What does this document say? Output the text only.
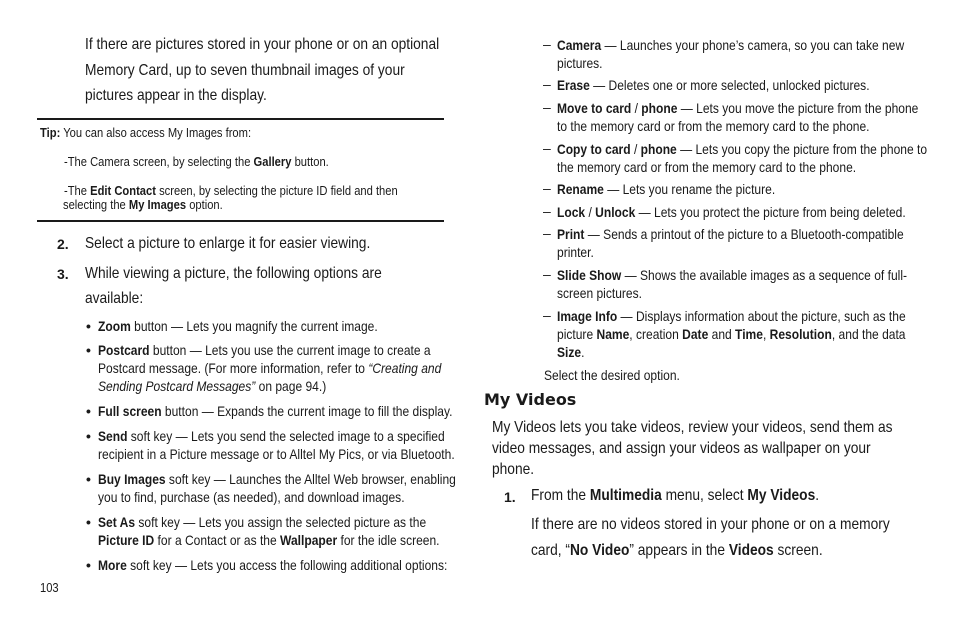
If there are pictures stored in your phone or on an optional

Memory Card, up to seven thumbnail images of your

pictures appear in the display.

Tip: You can also access My Images from:
-The Camera screen, by selecting the Gallery button.
-The Edit Contact screen, by selecting the picture ID field and then
selecting the My Images option.
2. Select a picture to enlarge it for easier viewing.
3. While viewing a picture, the following options are
available:
• Zoom button — Lets you magnify the current image.
• Postcard button — Lets you use the current image to create a
Postcard message. (For more information, refer to “Creating and
Sending Postcard Messages” on page 94.)
• Full screen button — Expands the current image to fill the display.
• Send soft key — Lets you send the selected image to a specified
recipient in a Picture message or to Alltel My Pics, or via Bluetooth.
• Buy Images soft key — Launches the Alltel Web browser, enabling
you to find, purchase (as needed), and download images.
• Set As soft key — Lets you assign the selected picture as the
Picture ID for a Contact or as the Wallpaper for the idle screen.
• More soft key — Lets you access the following additional options:
103
– Camera — Launches your phone’s camera, so you can take new
pictures.
– Erase — Deletes one or more selected, unlocked pictures.
– Move to card / phone — Lets you move the picture from the phone
to the memory card or from the memory card to the phone.
– Copy to card / phone — Lets you copy the picture from the phone to
the memory card or from the memory card to the phone.
– Rename — Lets you rename the picture.
– Lock / Unlock — Lets you protect the picture from being deleted.
– Print — Sends a printout of the picture to a Bluetooth-compatible
printer.
– Slide Show — Shows the available images as a sequence of full-
screen pictures.
– Image Info — Displays information about the picture, such as the
picture Name, creation Date and Time, Resolution, and the data
Size.
Select the desired option.
My Videos
My Videos lets you take videos, review your videos, send them as
video messages, and assign your videos as wallpaper on your
phone.
1. From the Multimedia menu, select My Videos.
If there are no videos stored in your phone or on a memory
card, “No Video” appears in the Videos screen.
